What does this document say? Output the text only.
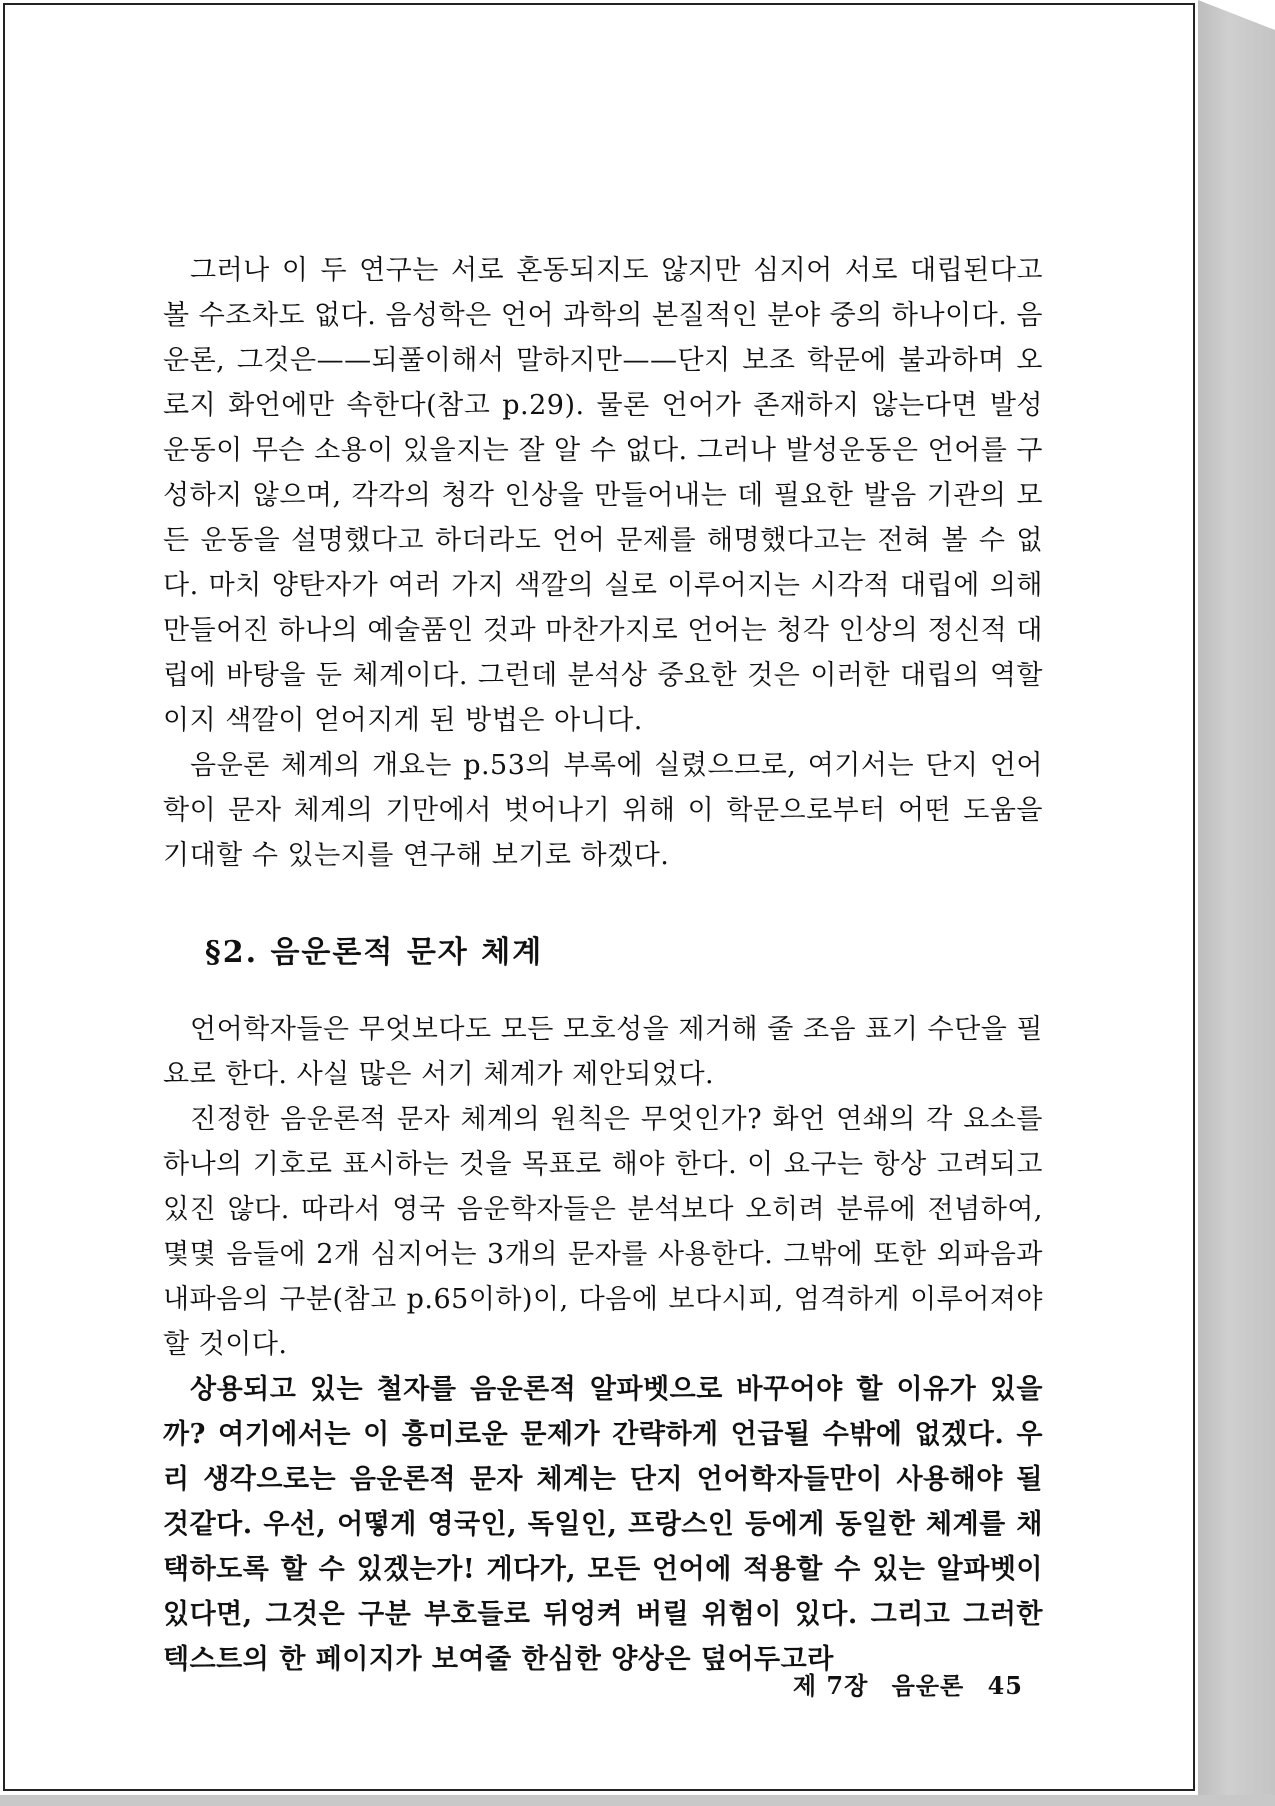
그러나 이 두 연구는 서로 혼동되지도 않지만 심지어 서로 대립된다고 볼 수조차도 없다. 음성학은 언어 과학의 본질적인 분야 중의 하나이다. 음운론, 그것은——되풀이해서 말하지만——단지 보조 학문에 불과하며 오로지 화언에만 속한다(참고 p.29). 물론 언어가 존재하지 않는다면 발성 운동이 무슨 소용이 있을지는 잘 알 수 없다. 그러나 발성운동은 언어를 구성하지 않으며, 각각의 청각 인상을 만들어내는 데 필요한 발음 기관의 모든 운동을 설명했다고 하더라도 언어 문제를 해명했다고는 전혀 볼 수 없다. 마치 양탄자가 여러 가지 색깔의 실로 이루어지는 시각적 대립에 의해 만들어진 하나의 예술품인 것과 마찬가지로 언어는 청각 인상의 정신적 대립에 바탕을 둔 체계이다. 그런데 분석상 중요한 것은 이러한 대립의 역할이지 색깔이 얻어지게 된 방법은 아니다.

음운론 체계의 개요는 p.53의 부록에 실렸으므로, 여기서는 단지 언어학이 문자 체계의 기만에서 벗어나기 위해 이 학문으로부터 어떤 도움을 기대할 수 있는지를 연구해 보기로 하겠다.

§2. 음운론적 문자 체계

언어학자들은 무엇보다도 모든 모호성을 제거해 줄 조음 표기 수단을 필요로 한다. 사실 많은 서기 체계가 제안되었다.

진정한 음운론적 문자 체계의 원칙은 무엇인가? 화언 연쇄의 각 요소를 하나의 기호로 표시하는 것을 목표로 해야 한다. 이 요구는 항상 고려되고 있진 않다. 따라서 영국 음운학자들은 분석보다 오히려 분류에 전념하여, 몇몇 음들에 2개 심지어는 3개의 문자를 사용한다. 그밖에 또한 외파음과 내파음의 구분(참고 p.65이하)이, 다음에 보다시피, 엄격하게 이루어져야 할 것이다.

상용되고 있는 철자를 음운론적 알파벳으로 바꾸어야 할 이유가 있을까? 여기에서는 이 흥미로운 문제가 간략하게 언급될 수밖에 없겠다. 우리 생각으로는 음운론적 문자 체계는 단지 언어학자들만이 사용해야 될 것같다. 우선, 어떻게 영국인, 독일인, 프랑스인 등에게 동일한 체계를 채택하도록 할 수 있겠는가! 게다가, 모든 언어에 적용할 수 있는 알파벳이 있다면, 그것은 구분 부호들로 뒤엉켜 버릴 위험이 있다. 그리고 그러한 텍스트의 한 페이지가 보여줄 한심한 양상은 덮어두고라

제 7장 음운론 45
